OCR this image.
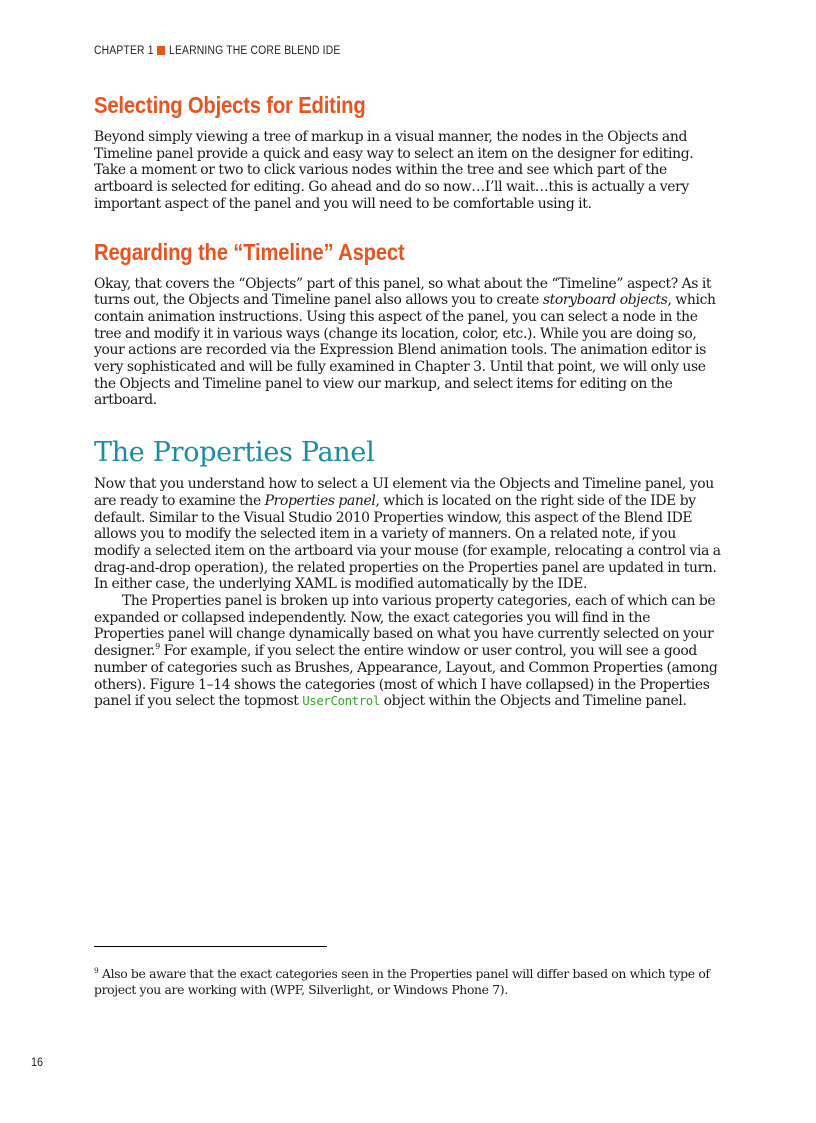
CHAPTER 1 LEARNING THE CORE BLEND IDE
Selecting Objects for Editing

Beyond simply viewing a tree of markup in a visual manner, the nodes in the Objects and Timeline panel provide a quick and easy way to select an item on the designer for editing. Take a moment or two to click various nodes within the tree and see which part of the artboard is selected for editing. Go ahead and do so now…I’ll wait…this is actually a very important aspect of the panel and you will need to be comfortable using it.

Regarding the “Timeline” Aspect

Okay, that covers the “Objects” part of this panel, so what about the “Timeline” aspect? As it turns out, the Objects and Timeline panel also allows you to create storyboard objects, which contain animation instructions. Using this aspect of the panel, you can select a node in the tree and modify it in various ways (change its location, color, etc.). While you are doing so, your actions are recorded via the Expression Blend animation tools. The animation editor is very sophisticated and will be fully examined in Chapter 3. Until that point, we will only use the Objects and Timeline panel to view our markup, and select items for editing on the artboard.

The Properties Panel

Now that you understand how to select a UI element via the Objects and Timeline panel, you are ready to examine the Properties panel, which is located on the right side of the IDE by default. Similar to the Visual Studio 2010 Properties window, this aspect of the Blend IDE allows you to modify the selected item in a variety of manners. On a related note, if you modify a selected item on the artboard via your mouse (for example, relocating a control via a drag-and-drop operation), the related properties on the Properties panel are updated in turn. In either case, the underlying XAML is modified automatically by the IDE.

The Properties panel is broken up into various property categories, each of which can be expanded or collapsed independently. Now, the exact categories you will find in the Properties panel will change dynamically based on what you have currently selected on your designer.$^9$ For example, if you select the entire window or user control, you will see a good number of categories such as Brushes, Appearance, Layout, and Common Properties (among others). Figure 1–14 shows the categories (most of which I have collapsed) in the Properties panel if you select the topmost UserControl object within the Objects and Timeline panel.

$^9$ Also be aware that the exact categories seen in the Properties panel will differ based on which type of project you are working with (WPF, Silverlight, or Windows Phone 7).
16
